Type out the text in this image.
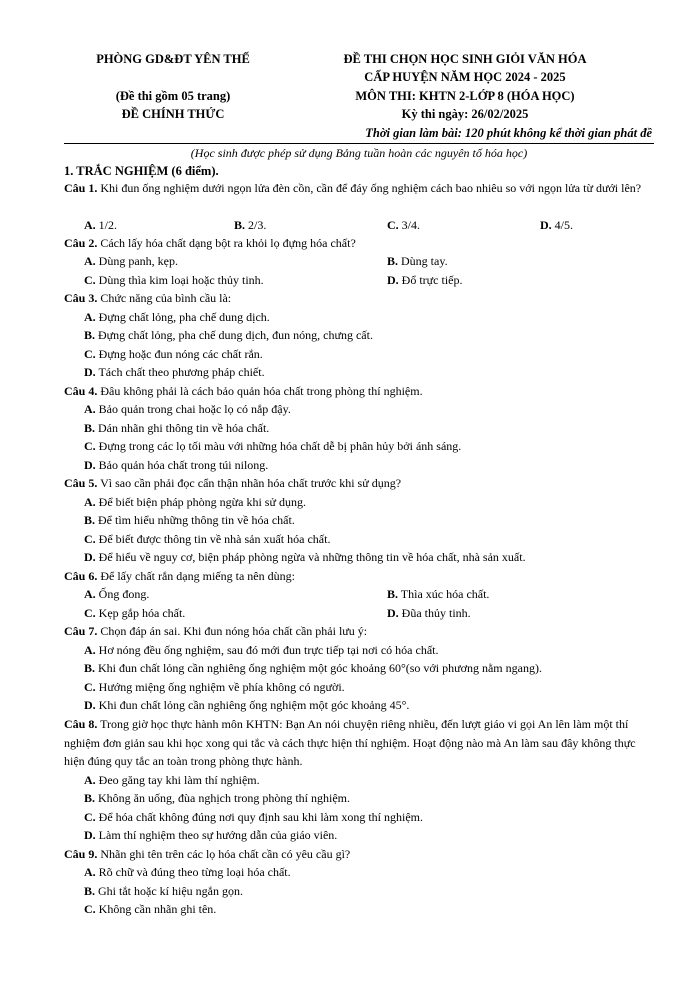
PHÒNG GD&ĐT YÊN THẾ
(Đề thi gồm 05 trang)
ĐỀ CHÍNH THỨC
ĐỀ THI CHỌN HỌC SINH GIỎI VĂN HÓA
CẤP HUYỆN NĂM HỌC 2024 - 2025
MÔN THI: KHTN 2-LỚP 8 (HÓA HỌC)
Kỳ thi ngày: 26/02/2025
Thời gian làm bài: 120 phút không kể thời gian phát đề
(Học sinh được phép sử dụng Bảng tuần hoàn các nguyên tố hóa học)
1. TRẮC NGHIỆM (6 điểm).
Câu 1. Khi đun ống nghiệm dưới ngọn lửa đèn cồn, cần để đáy ống nghiệm cách bao nhiêu so với ngọn lửa từ dưới lên?
A. 1/2.	B. 2/3.	C. 3/4.	D. 4/5.
Câu 2. Cách lấy hóa chất dạng bột ra khỏi lọ đựng hóa chất?
A. Dùng panh, kẹp.	B. Dùng tay.
C. Dùng thìa kim loại hoặc thủy tinh.	D. Đổ trực tiếp.
Câu 3. Chức năng của bình cầu là:
A. Đựng chất lỏng, pha chế dung dịch.
B. Đựng chất lỏng, pha chế dung dịch, đun nóng, chưng cất.
C. Đựng hoặc đun nóng các chất rắn.
D. Tách chất theo phương pháp chiết.
Câu 4. Đâu không phải là cách bảo quản hóa chất trong phòng thí nghiệm.
A. Bảo quản trong chai hoặc lọ có nắp đậy.
B. Dán nhãn ghi thông tin về hóa chất.
C. Đựng trong các lọ tối màu với những hóa chất dễ bị phân hủy bởi ánh sáng.
D. Bảo quản hóa chất trong túi nilong.
Câu 5. Vì sao cần phải đọc cẩn thận nhãn hóa chất trước khi sử dụng?
A. Để biết biện pháp phòng ngừa khi sử dụng.
B. Để tìm hiểu những thông tin về hóa chất.
C. Để biết được thông tin về nhà sản xuất hóa chất.
D. Để hiểu về nguy cơ, biện pháp phòng ngừa và những thông tin về hóa chất, nhà sản xuất.
Câu 6. Để lấy chất rắn dạng miếng ta nên dùng:
A. Ống đong.	B. Thìa xúc hóa chất.
C. Kẹp gắp hóa chất.	D. Đũa thủy tinh.
Câu 7. Chọn đáp án sai. Khi đun nóng hóa chất cần phải lưu ý:
A. Hơ nóng đều ống nghiệm, sau đó mới đun trực tiếp tại nơi có hóa chất.
B. Khi đun chất lỏng cần nghiêng ống nghiệm một góc khoảng 60°(so với phương nằm ngang).
C. Hướng miệng ống nghiệm về phía không có người.
D. Khi đun chất lỏng cần nghiêng ống nghiệm một góc khoảng 45°.
Câu 8. Trong giờ học thực hành môn KHTN: Bạn An nói chuyện riêng nhiều, đến lượt giáo vi gọi An lên làm một thí nghiệm đơn giản sau khi học xong qui tắc và cách thực hiện thí nghiệm. Hoạt động nào mà An làm sau đây không thực hiện đúng quy tắc an toàn trong phòng thực hành.
A. Đeo găng tay khi làm thí nghiệm.
B. Không ăn uống, đùa nghịch trong phòng thí nghiệm.
C. Để hóa chất không đúng nơi quy định sau khi làm xong thí nghiệm.
D. Làm thí nghiệm theo sự hướng dẫn của giáo viên.
Câu 9. Nhãn ghi tên trên các lọ hóa chất cần có yêu cầu gì?
A. Rõ chữ và đúng theo từng loại hóa chất.
B. Ghi tắt hoặc kí hiệu ngắn gọn.
C. Không cần nhãn ghi tên.
